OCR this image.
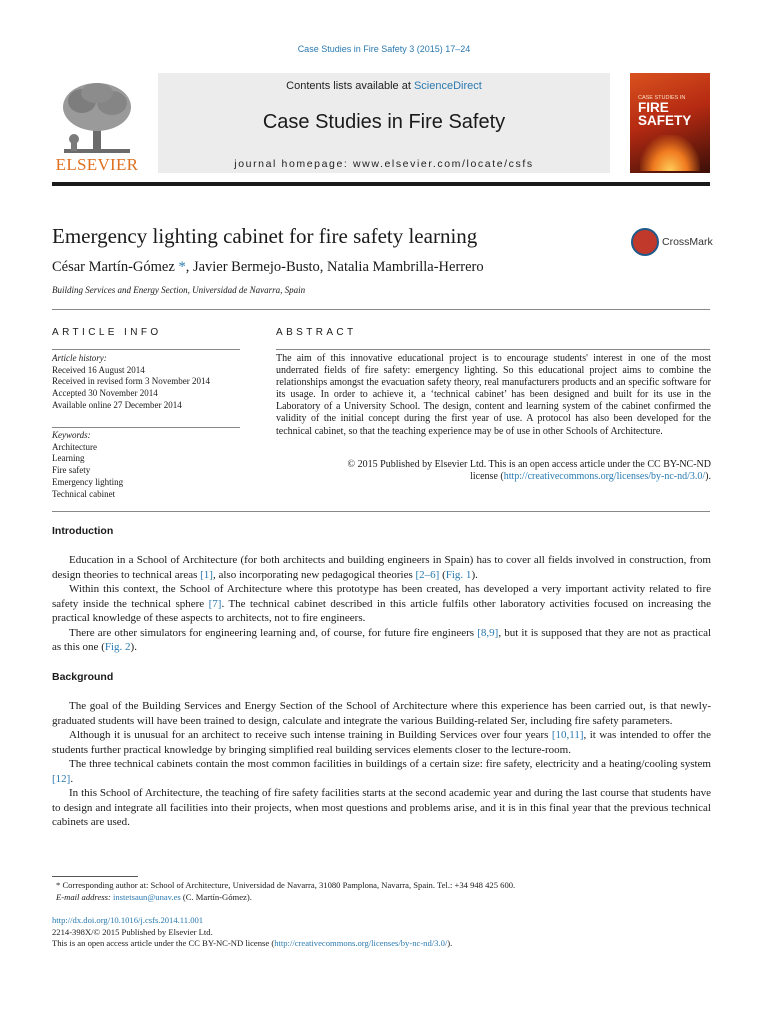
Case Studies in Fire Safety 3 (2015) 17–24
ELSEVIER
Contents lists available at ScienceDirect
Case Studies in Fire Safety
journal homepage: www.elsevier.com/locate/csfs
CASE STUDIES IN
FIRE SAFETY
Emergency lighting cabinet for fire safety learning	CrossMark
César Martín-Gómez *, Javier Bermejo-Busto, Natalia Mambrilla-Herrero
Building Services and Energy Section, Universidad de Navarra, Spain
ARTICLE INFO	ABSTRACT
Article history:
Received 16 August 2014
Received in revised form 3 November 2014
Accepted 30 November 2014
Available online 27 December 2014
Keywords:
Architecture
Learning
Fire safety
Emergency lighting
Technical cabinet
The aim of this innovative educational project is to encourage students' interest in one of the most underrated fields of fire safety: emergency lighting. So this educational project aims to combine the relationships amongst the evacuation safety theory, real manufacturers products and an specific software for its usage. In order to achieve it, a ‘technical cabinet’ has been designed and built for its use in the Laboratory of a University School. The design, content and learning system of the cabinet confirmed the validity of the initial concept during the first year of use. A protocol has also been developed for the technical cabinet, so that the teaching experience may be of use in other Schools of Architecture.
© 2015 Published by Elsevier Ltd. This is an open access article under the CC BY-NC-ND
license (http://creativecommons.org/licenses/by-nc-nd/3.0/).
Introduction

Education in a School of Architecture (for both architects and building engineers in Spain) has to cover all fields involved in construction, from design theories to technical areas [1], also incorporating new pedagogical theories [2–6] (Fig. 1).

Within this context, the School of Architecture where this prototype has been created, has developed a very important activity related to fire safety inside the technical sphere [7]. The technical cabinet described in this article fulfils other laboratory activities focused on increasing the practical knowledge of these aspects to architects, not to fire engineers.

There are other simulators for engineering learning and, of course, for future fire engineers [8,9], but it is supposed that they are not as practical as this one (Fig. 2).

Background

The goal of the Building Services and Energy Section of the School of Architecture where this experience has been carried out, is that newly-graduated students will have been trained to design, calculate and integrate the various Building-related Ser, including fire safety parameters.

Although it is unusual for an architect to receive such intense training in Building Services over four years [10,11], it was intended to offer the students further practical knowledge by bringing simplified real building services elements closer to the lecture-room.

The three technical cabinets contain the most common facilities in buildings of a certain size: fire safety, electricity and a heating/cooling system [12].

In this School of Architecture, the teaching of fire safety facilities starts at the second academic year and during the last course that students have to design and integrate all facilities into their projects, when most questions and problems arise, and it is in this final year that the previous technical cabinets are used.

* Corresponding author at: School of Architecture, Universidad de Navarra, 31080 Pamplona, Navarra, Spain. Tel.: +34 948 425 600.
E-mail address: instetsaun@unav.es (C. Martín-Gómez).
http://dx.doi.org/10.1016/j.csfs.2014.11.001
2214-398X/© 2015 Published by Elsevier Ltd.
This is an open access article under the CC BY-NC-ND license (http://creativecommons.org/licenses/by-nc-nd/3.0/).
